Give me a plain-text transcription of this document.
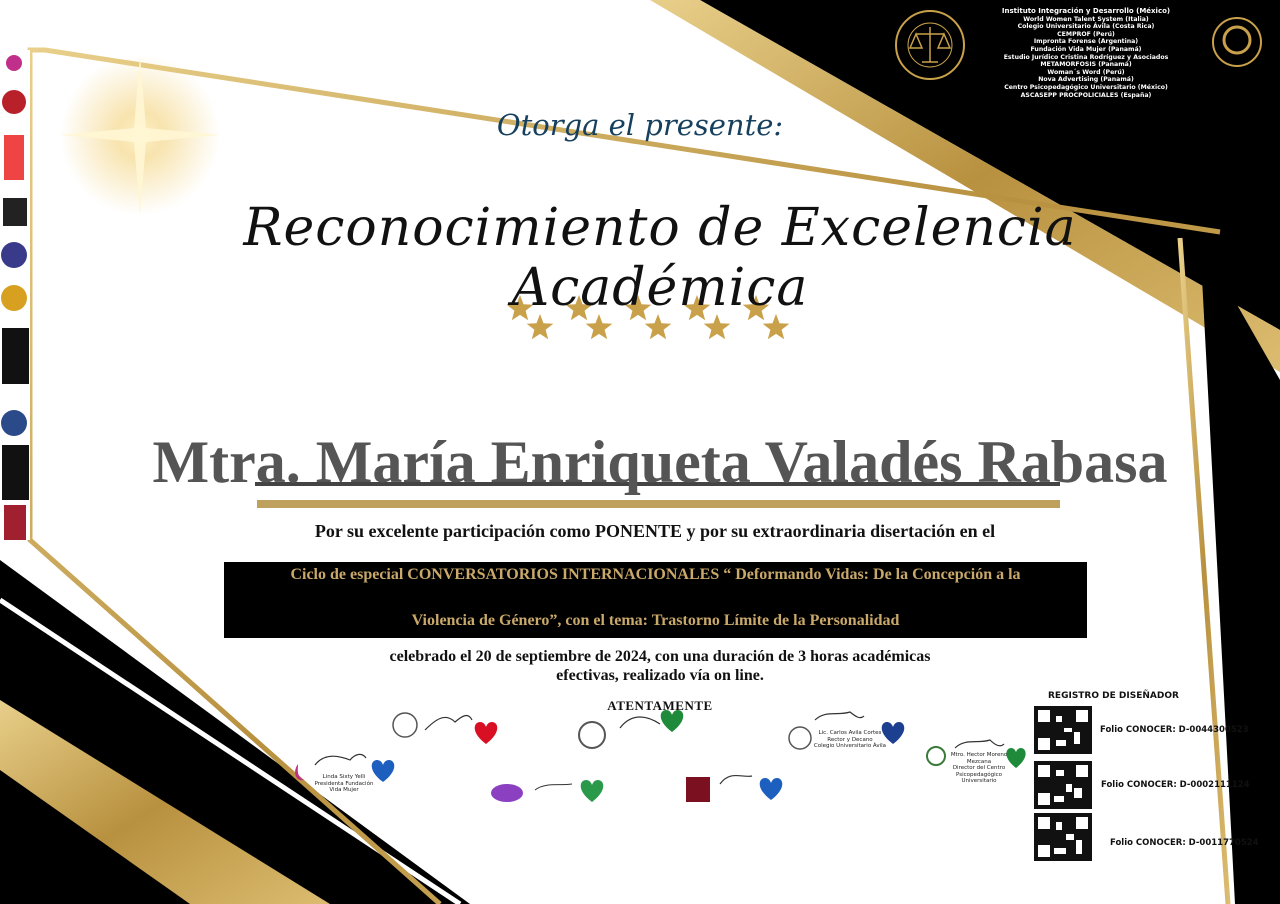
Instituto Integración y Desarrollo (México)
World Women Talent System (Italia)
Colegio Universitario Ávila (Costa Rica)
CEMPROF (Perú)
Impronta Forense (Argentina)
Fundación Vida Mujer (Panamá)
Estudio Jurídico Cristina Rodríguez y Asociados
METAMORFOSIS (Panamá)
Woman´s Word (Perú)
Nova Advertising (Panamá)
Centro Psicopedagógico Universitario (México)
ASCASEPP PROCPOLICIALES (España)
Otorga el presente:
Reconocimiento de Excelencia Académica
Mtra. María Enriqueta Valadés Rabasa
Por su excelente participación como PONENTE y por su extraordinaria disertación en el
Ciclo de especial CONVERSATORIOS INTERNACIONALES “ Deformando Vidas: De la Concepción a la
Violencia de Género”, con el tema: Trastorno Límite de la Personalidad
celebrado el 20 de septiembre de 2024, con una duración de 3 horas académicas
efectivas, realizado vía on line.
ATENTAMENTE
Linda Sixty Yelli
Presidenta Fundación
Vida Mujer
Lic. Carlos Avila Cortes
Rector y Decano
Colegio Universitario Ávila
Mtro. Hector Moreno Mezcana
Director del Centro Psicopedagógico
Universitario
REGISTRO DE DISEÑADOR
Folio CONOCER: D-0044300523
Folio CONOCER: D-0002111124
Folio CONOCER: D-0011770524
